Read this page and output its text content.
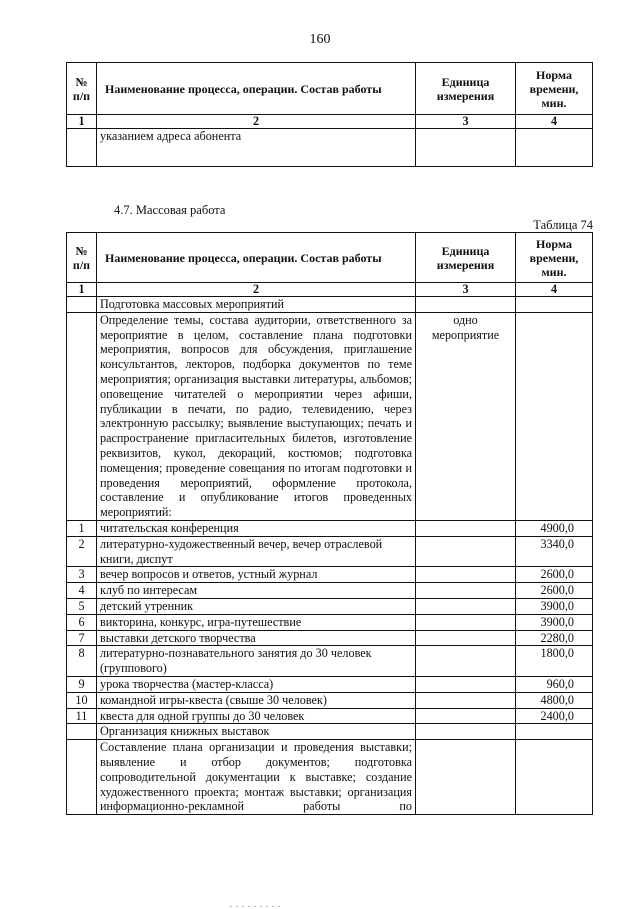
160
№ п/п	Наименование процесса, операции. Состав работы	Единица измерения	Норма времени, мин.
1	2	3	4
	указанием адреса абонента		
4.7. Массовая работа
Таблица 74
№ п/п	Наименование процесса, операции. Состав работы	Единица измерения	Норма времени, мин.
1	2	3	4
	Подготовка массовых мероприятий		
	Определение темы, состава аудитории, ответственного за мероприятие в целом, составление плана подготовки мероприятия, вопросов для обсуждения, приглашение консультантов, лекторов, подборка документов по теме мероприятия; организация выставки литературы, альбомов; оповещение читателей о мероприятии через афиши, публикации в печати, по радио, телевидению, через электронную рассылку; выявление выступающих; печать и распространение пригласительных билетов, изготовление реквизитов, кукол, декораций, костюмов; подготовка помещения; проведение совещания по итогам подготовки и проведения мероприятий, оформление протокола, составление и опубликование итогов проведенных мероприятий:	одно мероприятие	
1	читательская конференция		4900,0
2	литературно-художественный вечер, вечер отраслевой книги, диспут		3340,0
3	вечер вопросов и ответов, устный журнал		2600,0
4	клуб по интересам		2600,0
5	детский утренник		3900,0
6	викторина, конкурс, игра-путешествие		3900,0
7	выставки детского творчества		2280,0
8	литературно-познавательного занятия до 30 человек (группового)		1800,0
9	урока творчества (мастер-класса)		960,0
10	командной игры-квеста (свыше 30 человек)		4800,0
11	квеста для одной группы до 30 человек		2400,0
	Организация книжных выставок		
	Составление плана организации и проведения выставки; выявление и отбор документов; подготовка сопроводительной документации к выставке; создание художественного проекта; монтаж выставки; организация информационно-рекламной работы по		
. . . . . . . . .
